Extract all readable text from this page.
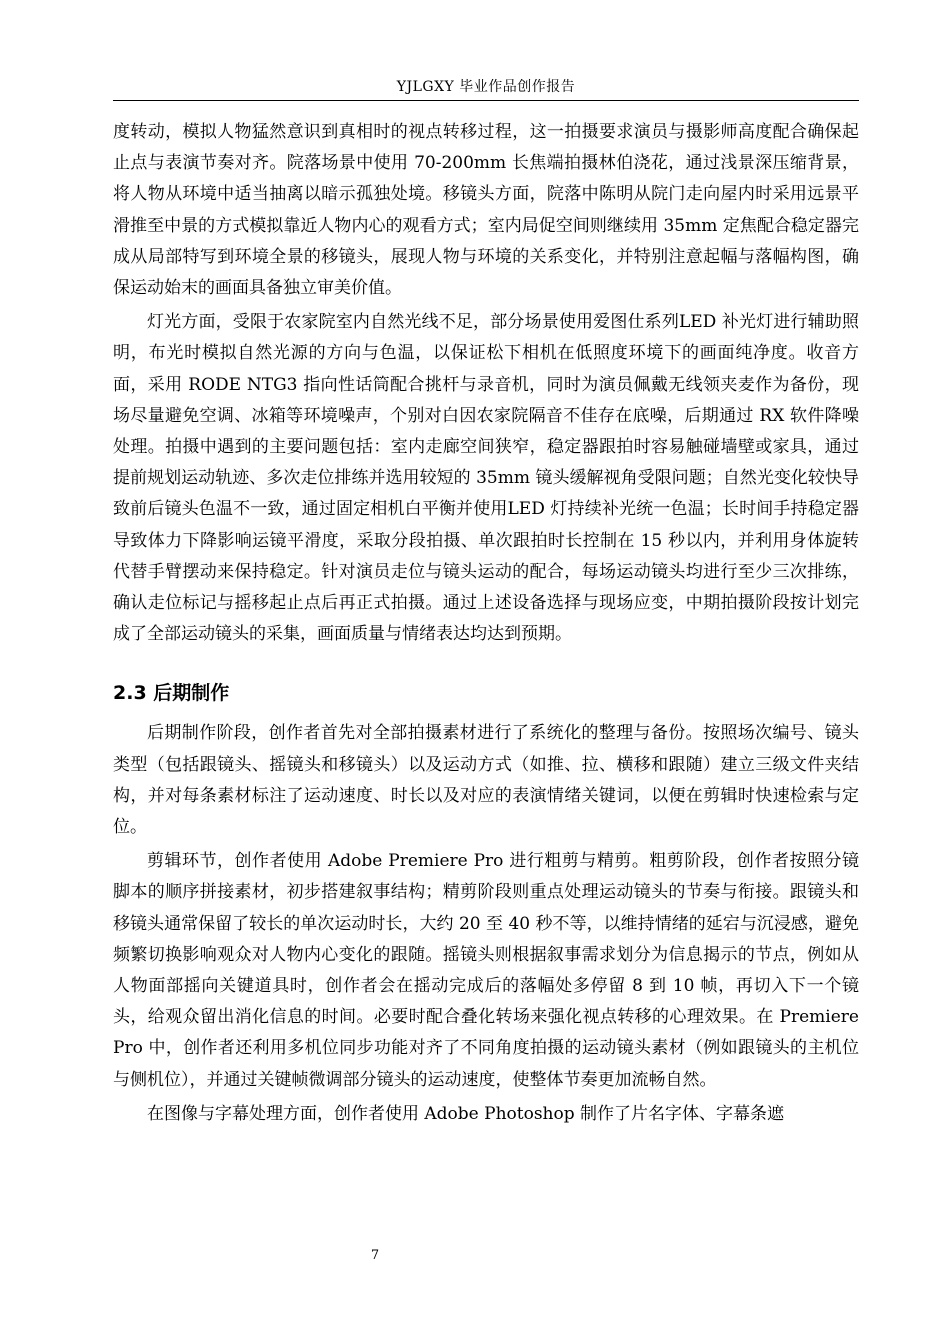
YJLGXY 毕业作品创作报告

度转动，模拟人物猛然意识到真相时的视点转移过程，这一拍摄要求演员与摄影师高度配合确保起止点与表演节奏对齐。院落场景中使用 70-200mm 长焦端拍摄林伯浇花，通过浅景深压缩背景，将人物从环境中适当抽离以暗示孤独处境。移镜头方面，院落中陈明从院门走向屋内时采用远景平滑推至中景的方式模拟靠近人物内心的观看方式；室内局促空间则继续用 35mm 定焦配合稳定器完成从局部特写到环境全景的移镜头，展现人物与环境的关系变化，并特别注意起幅与落幅构图，确保运动始末的画面具备独立审美价值。

灯光方面，受限于农家院室内自然光线不足，部分场景使用爱图仕系列LED 补光灯进行辅助照明，布光时模拟自然光源的方向与色温，以保证松下相机在低照度环境下的画面纯净度。收音方面，采用 RODE NTG3 指向性话筒配合挑杆与录音机，同时为演员佩戴无线领夹麦作为备份，现场尽量避免空调、冰箱等环境噪声，个别对白因农家院隔音不佳存在底噪，后期通过 RX 软件降噪处理。拍摄中遇到的主要问题包括：室内走廊空间狭窄，稳定器跟拍时容易触碰墙壁或家具，通过提前规划运动轨迹、多次走位排练并选用较短的 35mm 镜头缓解视角受限问题；自然光变化较快导致前后镜头色温不一致，通过固定相机白平衡并使用LED 灯持续补光统一色温；长时间手持稳定器导致体力下降影响运镜平滑度，采取分段拍摄、单次跟拍时长控制在 15 秒以内，并利用身体旋转代替手臂摆动来保持稳定。针对演员走位与镜头运动的配合，每场运动镜头均进行至少三次排练，确认走位标记与摇移起止点后再正式拍摄。通过上述设备选择与现场应变，中期拍摄阶段按计划完成了全部运动镜头的采集，画面质量与情绪表达均达到预期。

2.3 后期制作

后期制作阶段，创作者首先对全部拍摄素材进行了系统化的整理与备份。按照场次编号、镜头类型（包括跟镜头、摇镜头和移镜头）以及运动方式（如推、拉、横移和跟随）建立三级文件夹结构，并对每条素材标注了运动速度、时长以及对应的表演情绪关键词，以便在剪辑时快速检索与定位。

剪辑环节，创作者使用 Adobe Premiere Pro 进行粗剪与精剪。粗剪阶段，创作者按照分镜脚本的顺序拼接素材，初步搭建叙事结构；精剪阶段则重点处理运动镜头的节奏与衔接。跟镜头和移镜头通常保留了较长的单次运动时长，大约 20 至 40 秒不等，以维持情绪的延宕与沉浸感，避免频繁切换影响观众对人物内心变化的跟随。摇镜头则根据叙事需求划分为信息揭示的节点，例如从人物面部摇向关键道具时，创作者会在摇动完成后的落幅处多停留 8 到 10 帧，再切入下一个镜头，给观众留出消化信息的时间。必要时配合叠化转场来强化视点转移的心理效果。在 Premiere Pro 中，创作者还利用多机位同步功能对齐了不同角度拍摄的运动镜头素材（例如跟镜头的主机位与侧机位），并通过关键帧微调部分镜头的运动速度，使整体节奏更加流畅自然。

在图像与字幕处理方面，创作者使用 Adobe Photoshop 制作了片名字体、字幕条遮

7
